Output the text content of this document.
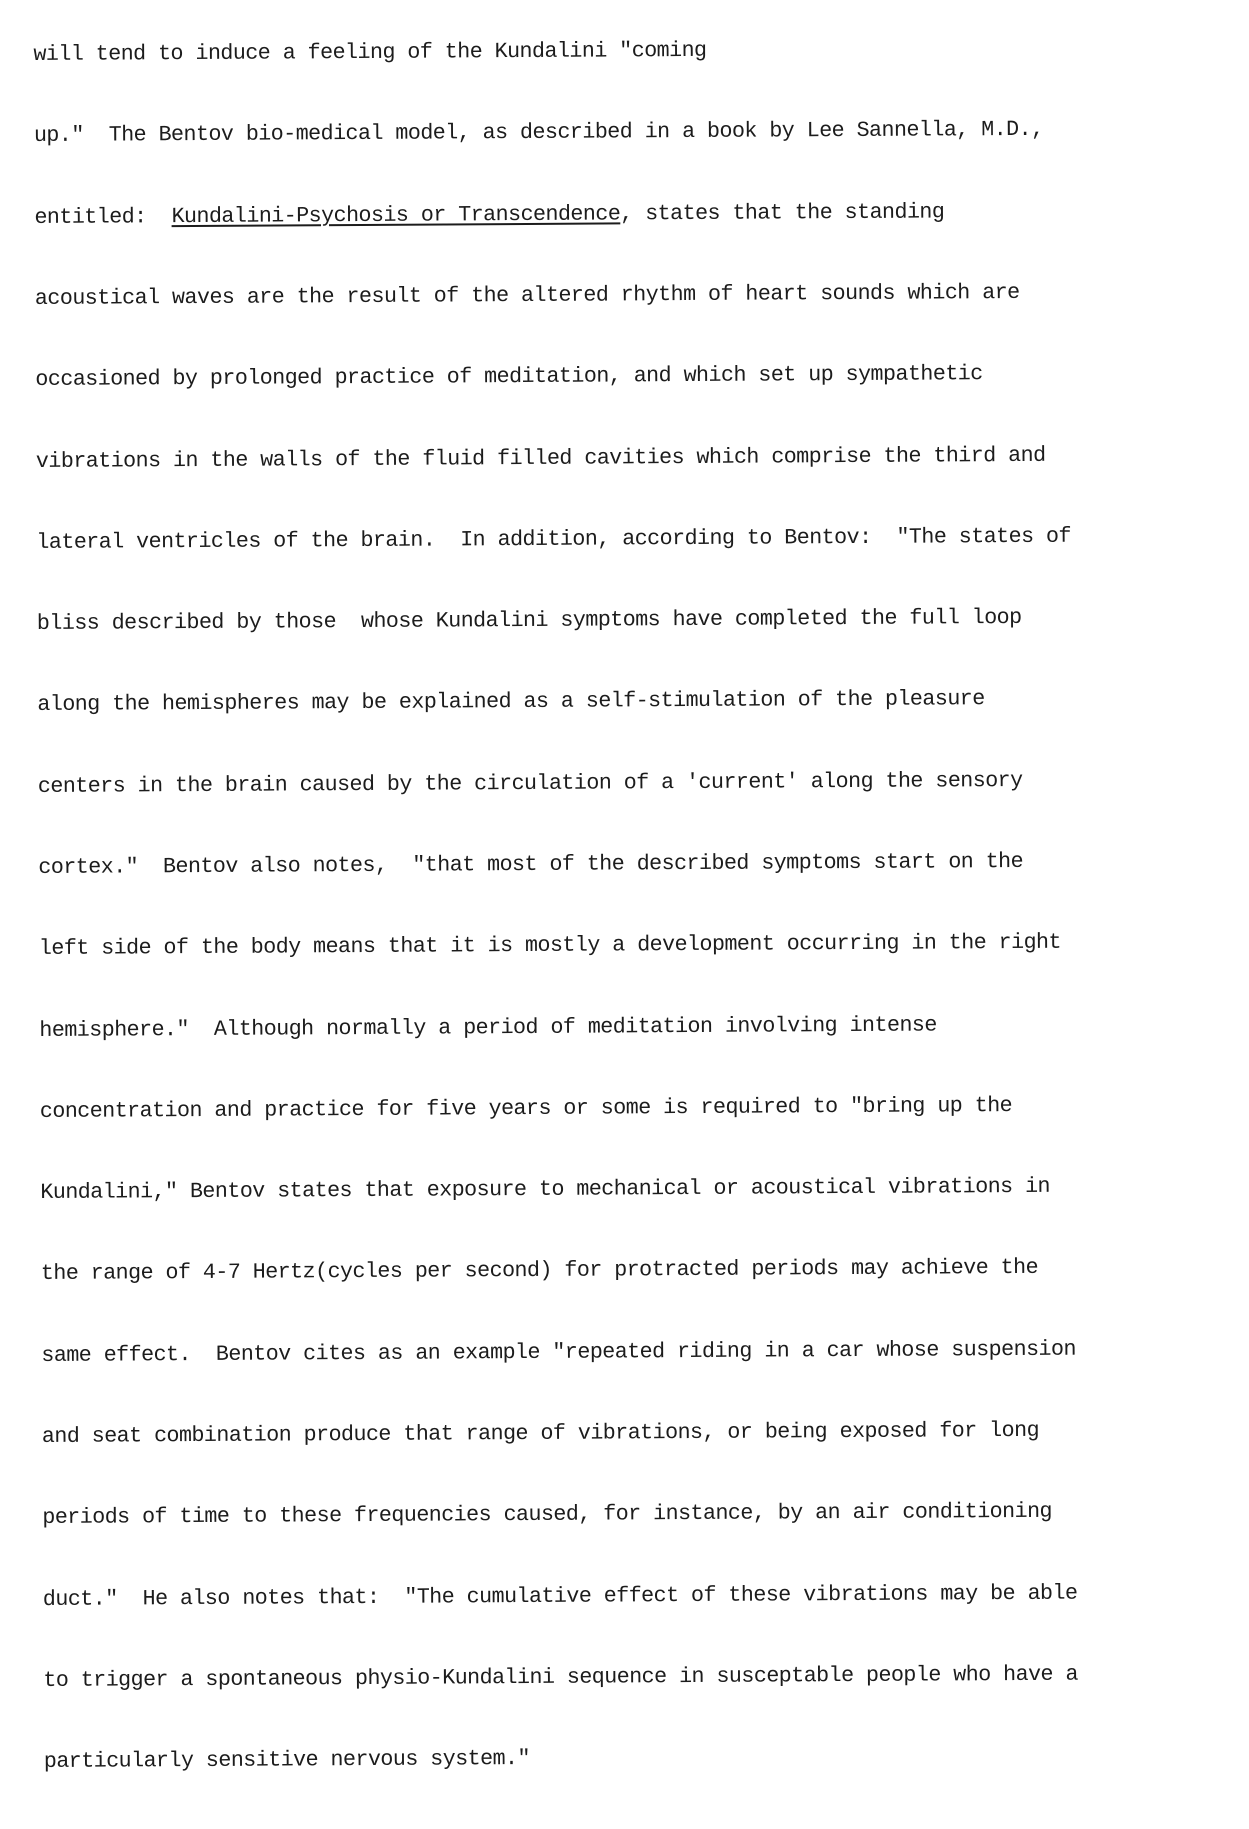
will tend to induce a feeling of the Kundalini "coming

up."  The Bentov bio-medical model, as described in a book by Lee Sannella, M.D.,

entitled:  Kundalini-Psychosis or Transcendence, states that the standing

acoustical waves are the result of the altered rhythm of heart sounds which are

occasioned by prolonged practice of meditation, and which set up sympathetic

vibrations in the walls of the fluid filled cavities which comprise the third and

lateral ventricles of the brain.  In addition, according to Bentov:  "The states of

bliss described by those  whose Kundalini symptoms have completed the full loop

along the hemispheres may be explained as a self-stimulation of the pleasure

centers in the brain caused by the circulation of a 'current' along the sensory

cortex."  Bentov also notes,  "that most of the described symptoms start on the

left side of the body means that it is mostly a development occurring in the right

hemisphere."  Although normally a period of meditation involving intense

concentration and practice for five years or some is required to "bring up the

Kundalini," Bentov states that exposure to mechanical or acoustical vibrations in

the range of 4-7 Hertz(cycles per second) for protracted periods may achieve the

same effect.  Bentov cites as an example "repeated riding in a car whose suspension

and seat combination produce that range of vibrations, or being exposed for long

periods of time to these frequencies caused, for instance, by an air conditioning

duct."  He also notes that:  "The cumulative effect of these vibrations may be able

to trigger a spontaneous physio-Kundalini sequence in susceptable people who have a

particularly sensitive nervous system."
